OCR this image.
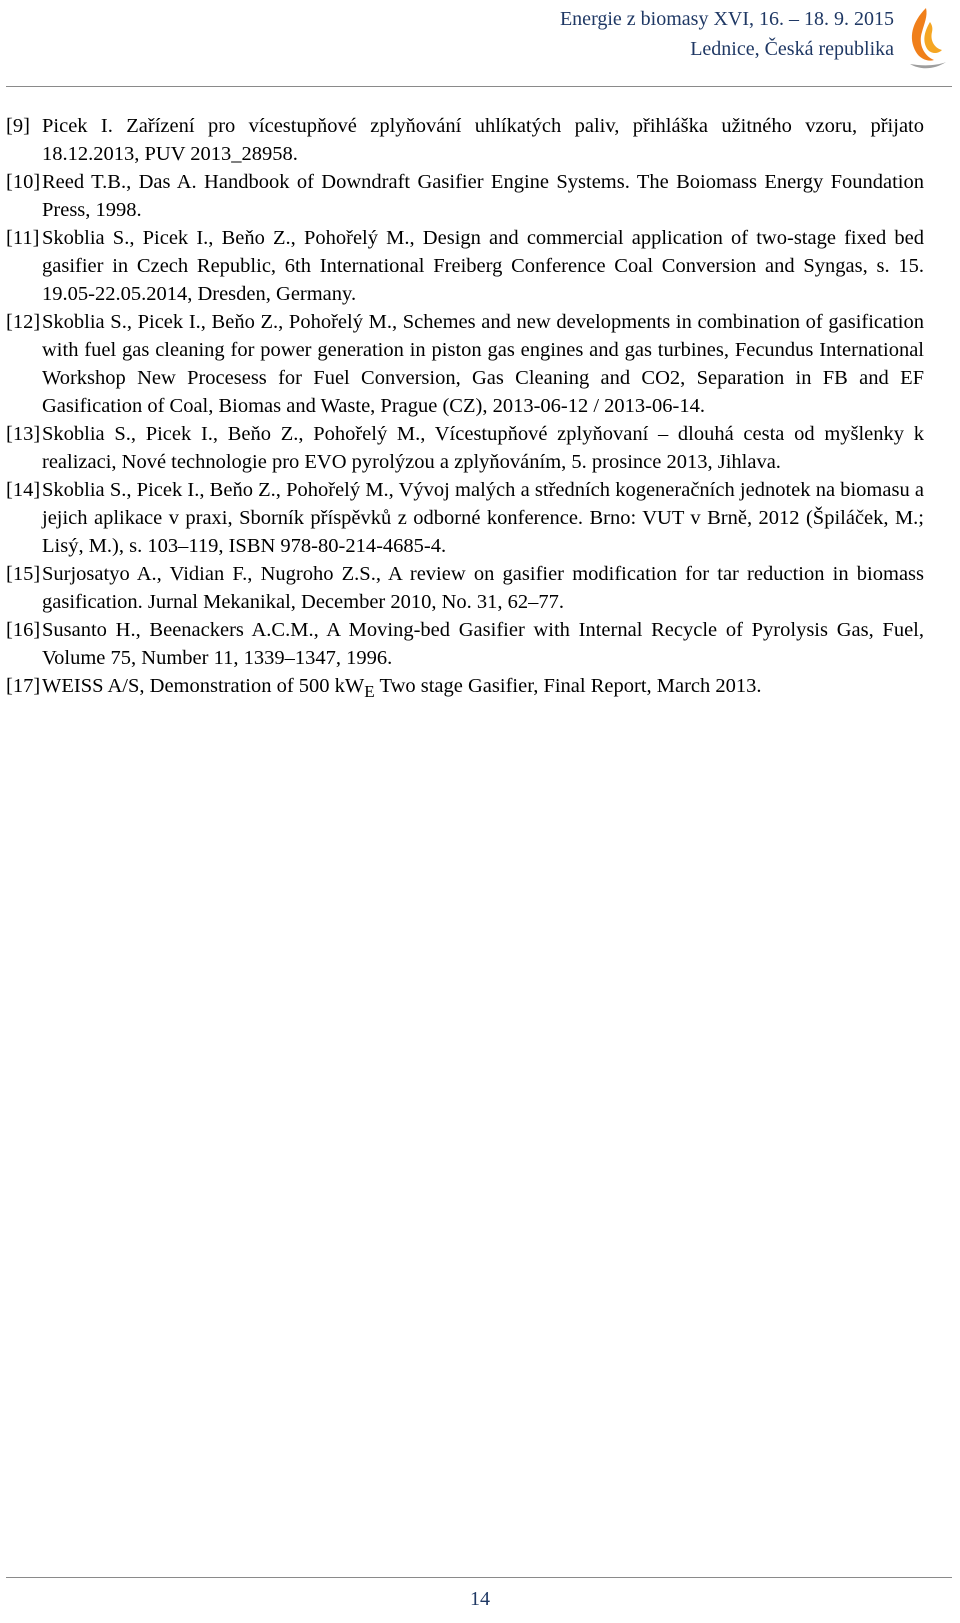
Energie z biomasy XVI, 16. – 18. 9. 2015
Lednice, Česká republika
[9] Picek I. Zařízení pro vícestupňové zplyňování uhlíkatých paliv, přihláška užitného vzoru, přijato 18.12.2013, PUV 2013_28958.
[10] Reed T.B., Das A. Handbook of Downdraft Gasifier Engine Systems. The Boiomass Energy Foundation Press, 1998.
[11] Skoblia S., Picek I., Beňo Z., Pohořelý M., Design and commercial application of two-stage fixed bed gasifier in Czech Republic, 6th International Freiberg Conference Coal Conversion and Syngas, s. 15. 19.05-22.05.2014, Dresden, Germany.
[12] Skoblia S., Picek I., Beňo Z., Pohořelý M., Schemes and new developments in combination of gasification with fuel gas cleaning for power generation in piston gas engines and gas turbines, Fecundus International Workshop New Procesess for Fuel Conversion, Gas Cleaning and CO2, Separation in FB and EF Gasification of Coal, Biomas and Waste, Prague (CZ), 2013-06-12 / 2013-06-14.
[13] Skoblia S., Picek I., Beňo Z., Pohořelý M., Vícestupňové zplyňovaní – dlouhá cesta od myšlenky k realizaci, Nové technologie pro EVO pyrolýzou a zplyňováním, 5. prosince 2013, Jihlava.
[14] Skoblia S., Picek I., Beňo Z., Pohořelý M., Vývoj malých a středních kogeneračních jednotek na biomasu a jejich aplikace v praxi, Sborník příspěvků z odborné konference. Brno: VUT v Brně, 2012 (Špiláček, M.; Lisý, M.), s. 103–119, ISBN 978-80-214-4685-4.
[15] Surjosatyo A., Vidian F., Nugroho Z.S., A review on gasifier modification for tar reduction in biomass gasification. Jurnal Mekanikal, December 2010, No. 31, 62–77.
[16] Susanto H., Beenackers A.C.M., A Moving-bed Gasifier with Internal Recycle of Pyrolysis Gas, Fuel, Volume 75, Number 11, 1339–1347, 1996.
[17] WEISS A/S, Demonstration of 500 $kW_E$ Two stage Gasifier, Final Report, March 2013.
14
